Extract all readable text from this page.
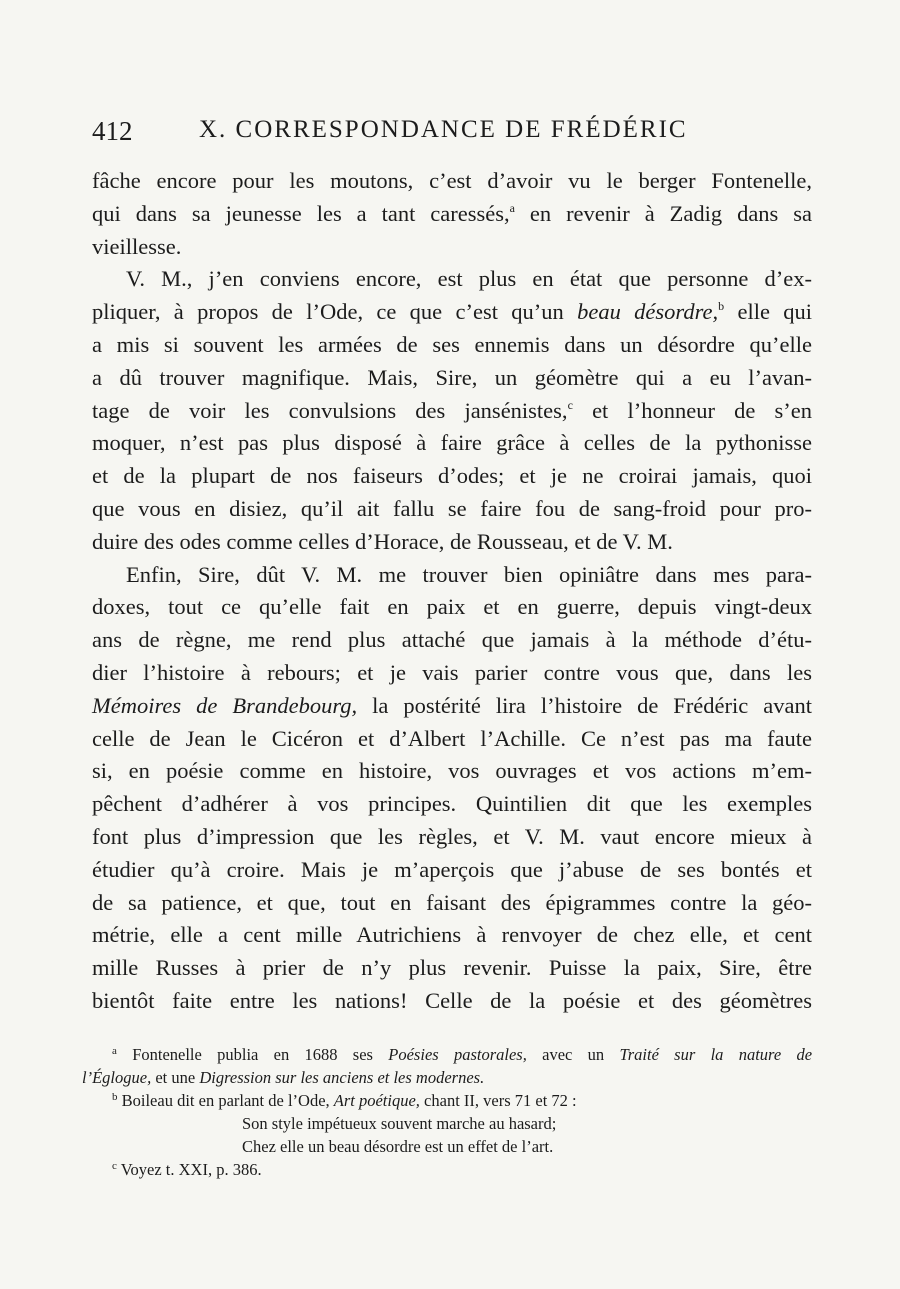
412	X. CORRESPONDANCE DE FRÉDÉRIC
fâche encore pour les moutons, c’est d’avoir vu le berger Fontenelle,
qui dans sa jeunesse les a tant caressés,$^a$ en revenir à Zadig dans sa
vieillesse.
V. M., j’en conviens encore, est plus en état que personne d’ex-
pliquer, à propos de l’Ode, ce que c’est qu’un beau désordre,$^b$ elle qui
a mis si souvent les armées de ses ennemis dans un désordre qu’elle
a dû trouver magnifique. Mais, Sire, un géomètre qui a eu l’avan-
tage de voir les convulsions des jansénistes,$^c$ et l’honneur de s’en
moquer, n’est pas plus disposé à faire grâce à celles de la pythonisse
et de la plupart de nos faiseurs d’odes; et je ne croirai jamais, quoi
que vous en disiez, qu’il ait fallu se faire fou de sang-froid pour pro-
duire des odes comme celles d’Horace, de Rousseau, et de V. M.
Enfin, Sire, dût V. M. me trouver bien opiniâtre dans mes para-
doxes, tout ce qu’elle fait en paix et en guerre, depuis vingt-deux
ans de règne, me rend plus attaché que jamais à la méthode d’étu-
dier l’histoire à rebours; et je vais parier contre vous que, dans les
Mémoires de Brandebourg, la postérité lira l’histoire de Frédéric avant
celle de Jean le Cicéron et d’Albert l’Achille. Ce n’est pas ma faute
si, en poésie comme en histoire, vos ouvrages et vos actions m’em-
pêchent d’adhérer à vos principes. Quintilien dit que les exemples
font plus d’impression que les règles, et V. M. vaut encore mieux à
étudier qu’à croire. Mais je m’aperçois que j’abuse de ses bontés et
de sa patience, et que, tout en faisant des épigrammes contre la géo-
métrie, elle a cent mille Autrichiens à renvoyer de chez elle, et cent
mille Russes à prier de n’y plus revenir. Puisse la paix, Sire, être
bientôt faite entre les nations! Celle de la poésie et des géomètres
$^a$ Fontenelle publia en 1688 ses Poésies pastorales, avec un Traité sur la nature de
l’Églogue, et une Digression sur les anciens et les modernes.
$^b$ Boileau dit en parlant de l’Ode, Art poétique, chant II, vers 71 et 72 :
Son style impétueux souvent marche au hasard;
Chez elle un beau désordre est un effet de l’art.
$^c$ Voyez t. XXI, p. 386.
